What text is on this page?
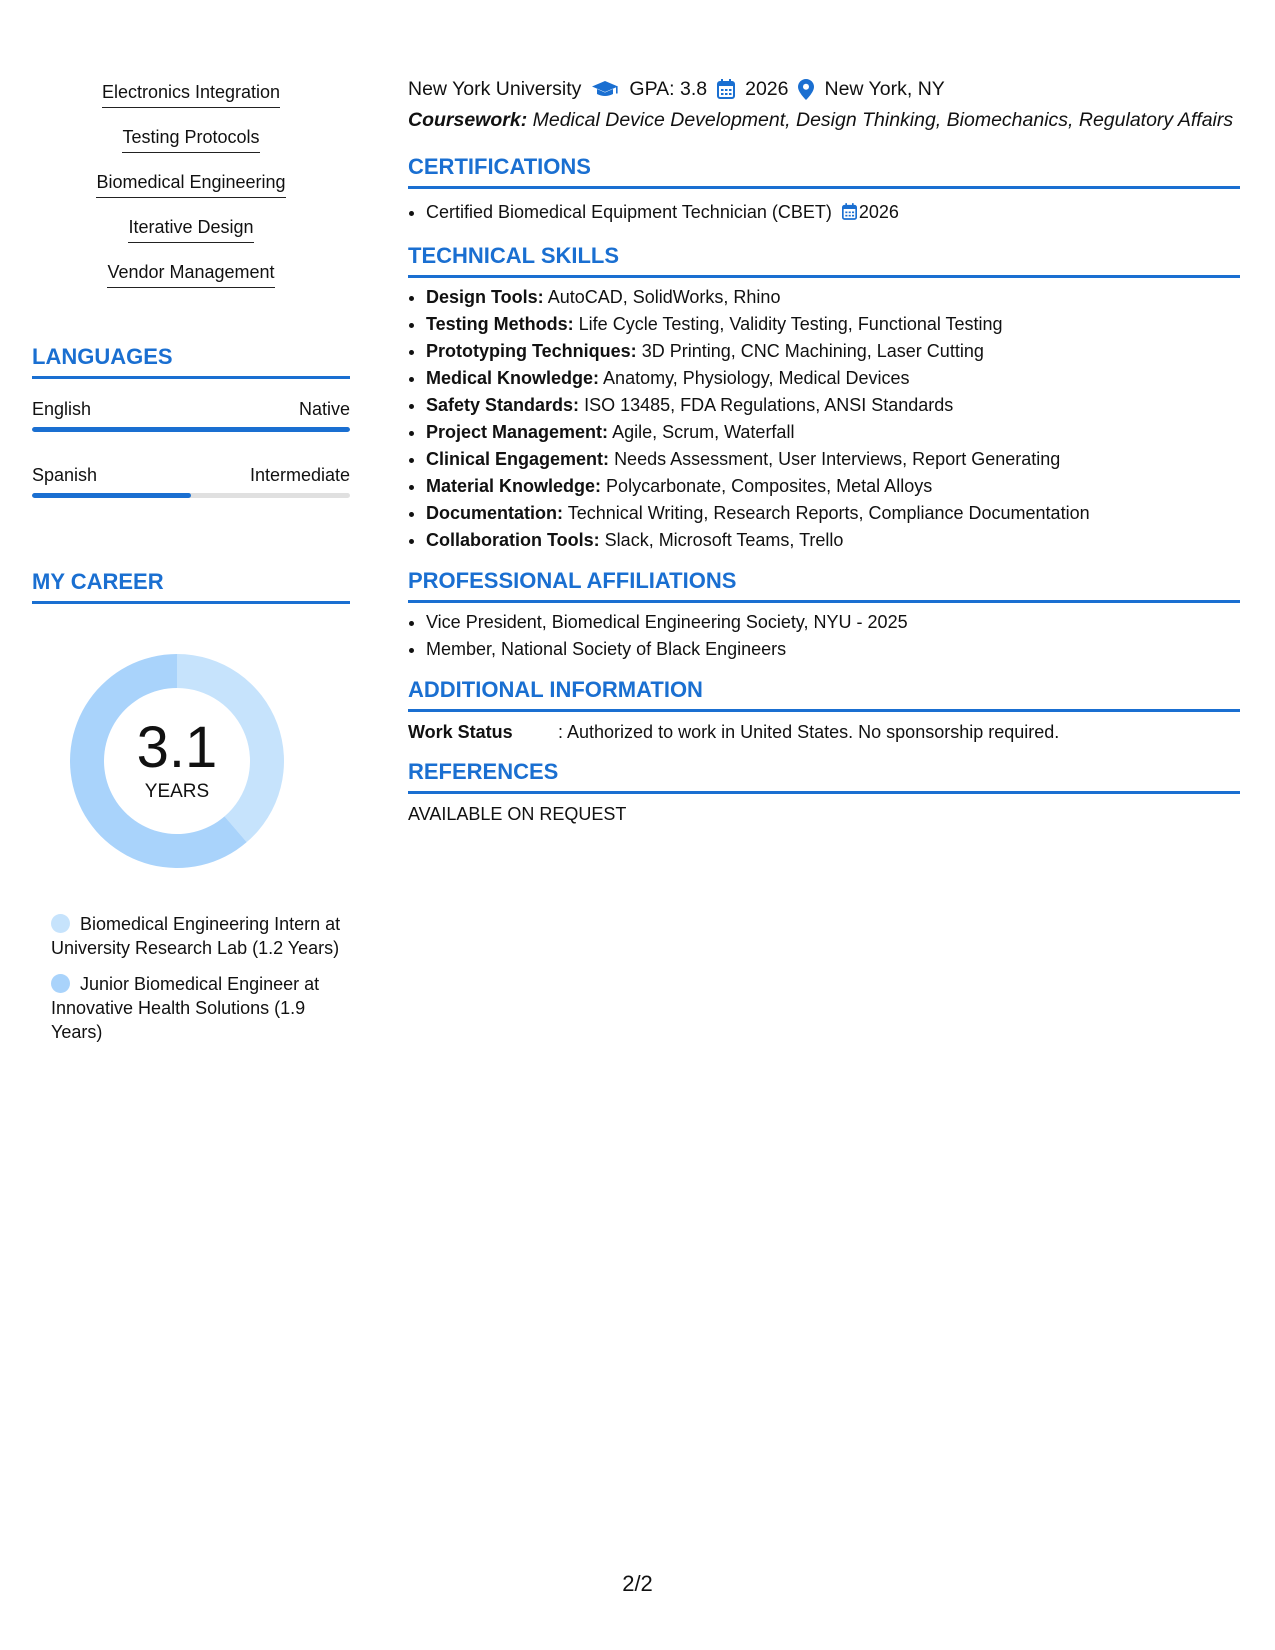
Electronics Integration
Testing Protocols
Biomedical Engineering
Iterative Design
Vendor Management
LANGUAGES
English	Native
Spanish	Intermediate
MY CAREER
3.1
YEARS
Biomedical Engineering Intern at University Research Lab (1.2 Years)
Junior Biomedical Engineer at Innovative Health Solutions (1.9 Years)
New York University GPA: 3.8 2026 New York, NY
Coursework: Medical Device Development, Design Thinking, Biomechanics, Regulatory Affairs
CERTIFICATIONS
• Certified Biomedical Equipment Technician (CBET) 2026
TECHNICAL SKILLS
• Design Tools: AutoCAD, SolidWorks, Rhino
• Testing Methods: Life Cycle Testing, Validity Testing, Functional Testing
• Prototyping Techniques: 3D Printing, CNC Machining, Laser Cutting
• Medical Knowledge: Anatomy, Physiology, Medical Devices
• Safety Standards: ISO 13485, FDA Regulations, ANSI Standards
• Project Management: Agile, Scrum, Waterfall
• Clinical Engagement: Needs Assessment, User Interviews, Report Generating
• Material Knowledge: Polycarbonate, Composites, Metal Alloys
• Documentation: Technical Writing, Research Reports, Compliance Documentation
• Collaboration Tools: Slack, Microsoft Teams, Trello
PROFESSIONAL AFFILIATIONS
• Vice President, Biomedical Engineering Society, NYU - 2025
• Member, National Society of Black Engineers
ADDITIONAL INFORMATION
Work Status	: Authorized to work in United States. No sponsorship required.
REFERENCES
AVAILABLE ON REQUEST
2/2
